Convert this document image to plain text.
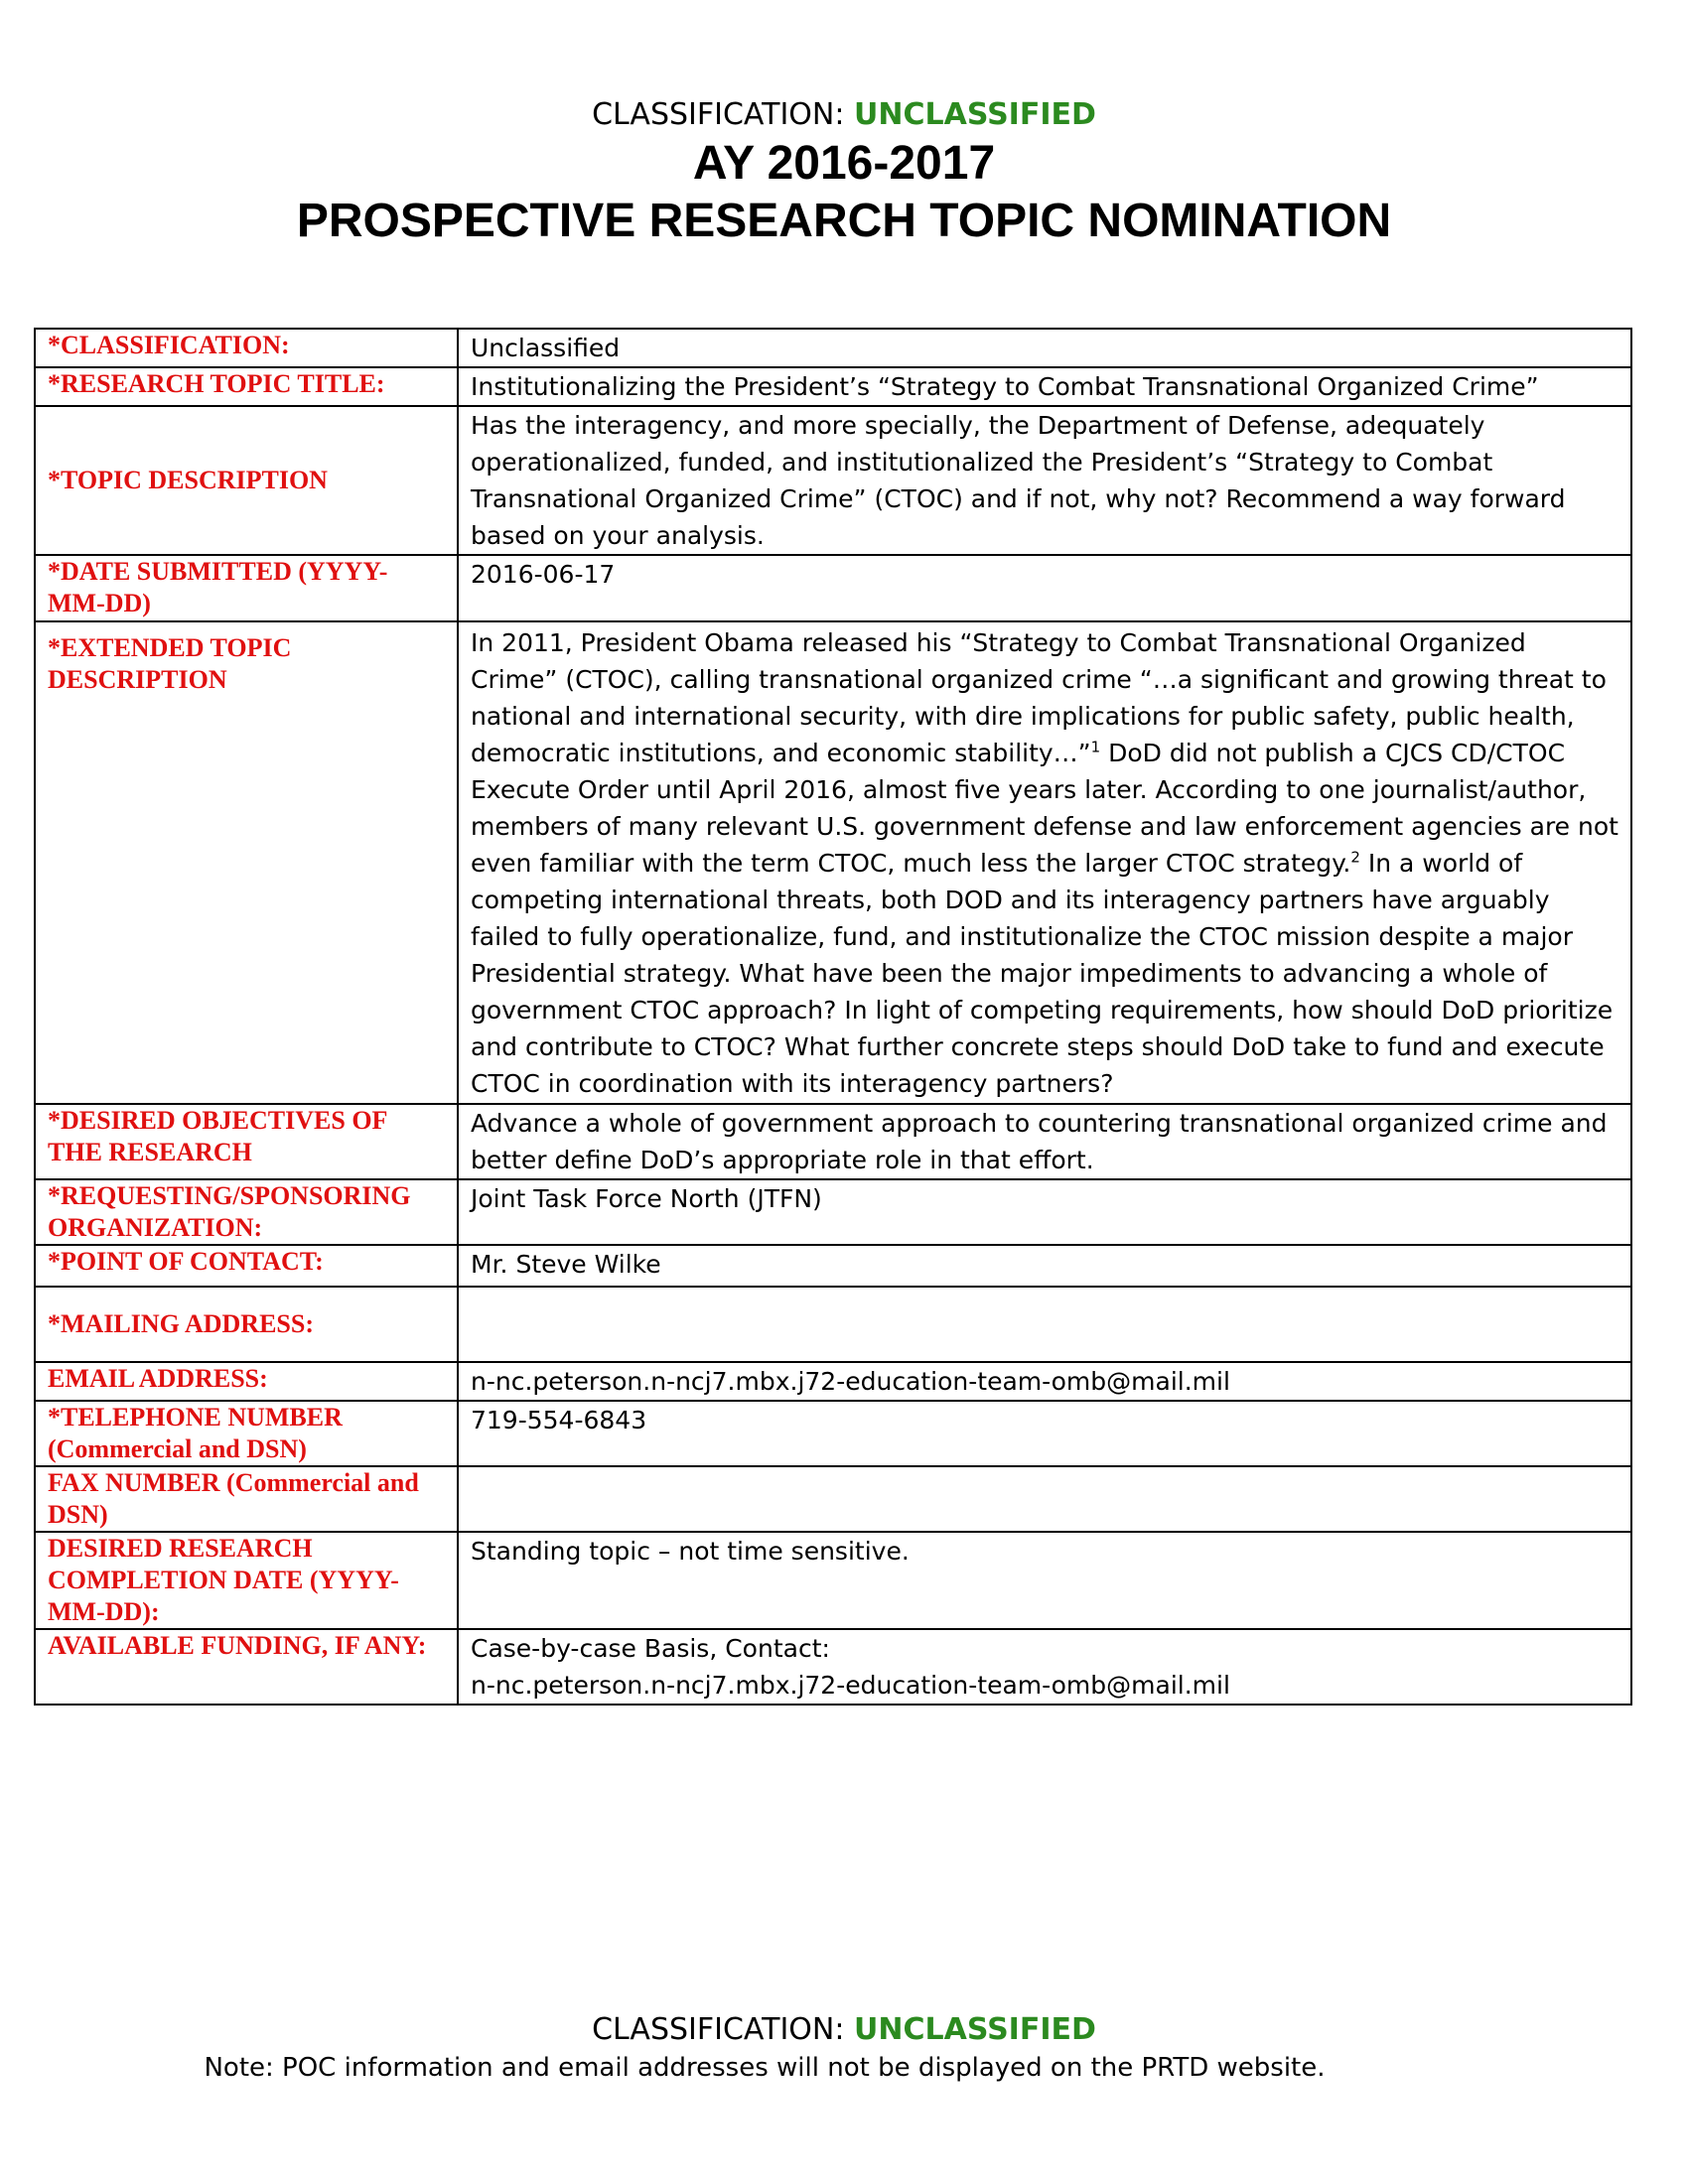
CLASSIFICATION: UNCLASSIFIED
AY 2016-2017
PROSPECTIVE RESEARCH TOPIC NOMINATION
*CLASSIFICATION:	Unclassified
*RESEARCH TOPIC TITLE:	Institutionalizing the President’s “Strategy to Combat Transnational Organized Crime”
*TOPIC DESCRIPTION	Has the interagency, and more specially, the Department of Defense, adequately operationalized, funded, and institutionalized the President’s “Strategy to Combat Transnational Organized Crime” (CTOC) and if not, why not? Recommend a way forward based on your analysis.
*DATE SUBMITTED (YYYY-MM-DD)	2016-06-17
*EXTENDED TOPIC DESCRIPTION	In 2011, President Obama released his “Strategy to Combat Transnational Organized Crime” (CTOC), calling transnational organized crime “…a significant and growing threat to national and international security, with dire implications for public safety, public health, democratic institutions, and economic stability…”$^1$ DoD did not publish a CJCS CD/CTOC Execute Order until April 2016, almost five years later. According to one journalist/author, members of many relevant U.S. government defense and law enforcement agencies are not even familiar with the term CTOC, much less the larger CTOC strategy.$^2$ In a world of competing international threats, both DOD and its interagency partners have arguably failed to fully operationalize, fund, and institutionalize the CTOC mission despite a major Presidential strategy. What have been the major impediments to advancing a whole of government CTOC approach? In light of competing requirements, how should DoD prioritize and contribute to CTOC? What further concrete steps should DoD take to fund and execute CTOC in coordination with its interagency partners?
*DESIRED OBJECTIVES OF THE RESEARCH	Advance a whole of government approach to countering transnational organized crime and better define DoD’s appropriate role in that effort.
*REQUESTING/SPONSORING ORGANIZATION:	Joint Task Force North (JTFN)
*POINT OF CONTACT:	Mr. Steve Wilke
*MAILING ADDRESS:	
EMAIL ADDRESS:	n-nc.peterson.n-ncj7.mbx.j72-education-team-omb@mail.mil
*TELEPHONE NUMBER (Commercial and DSN)	719-554-6843
FAX NUMBER (Commercial and DSN)	
DESIRED RESEARCH COMPLETION DATE (YYYY-MM-DD):	Standing topic – not time sensitive.
AVAILABLE FUNDING, IF ANY:	Case-by-case Basis, Contact:
n-nc.peterson.n-ncj7.mbx.j72-education-team-omb@mail.mil
CLASSIFICATION: UNCLASSIFIED
Note: POC information and email addresses will not be displayed on the PRTD website.
